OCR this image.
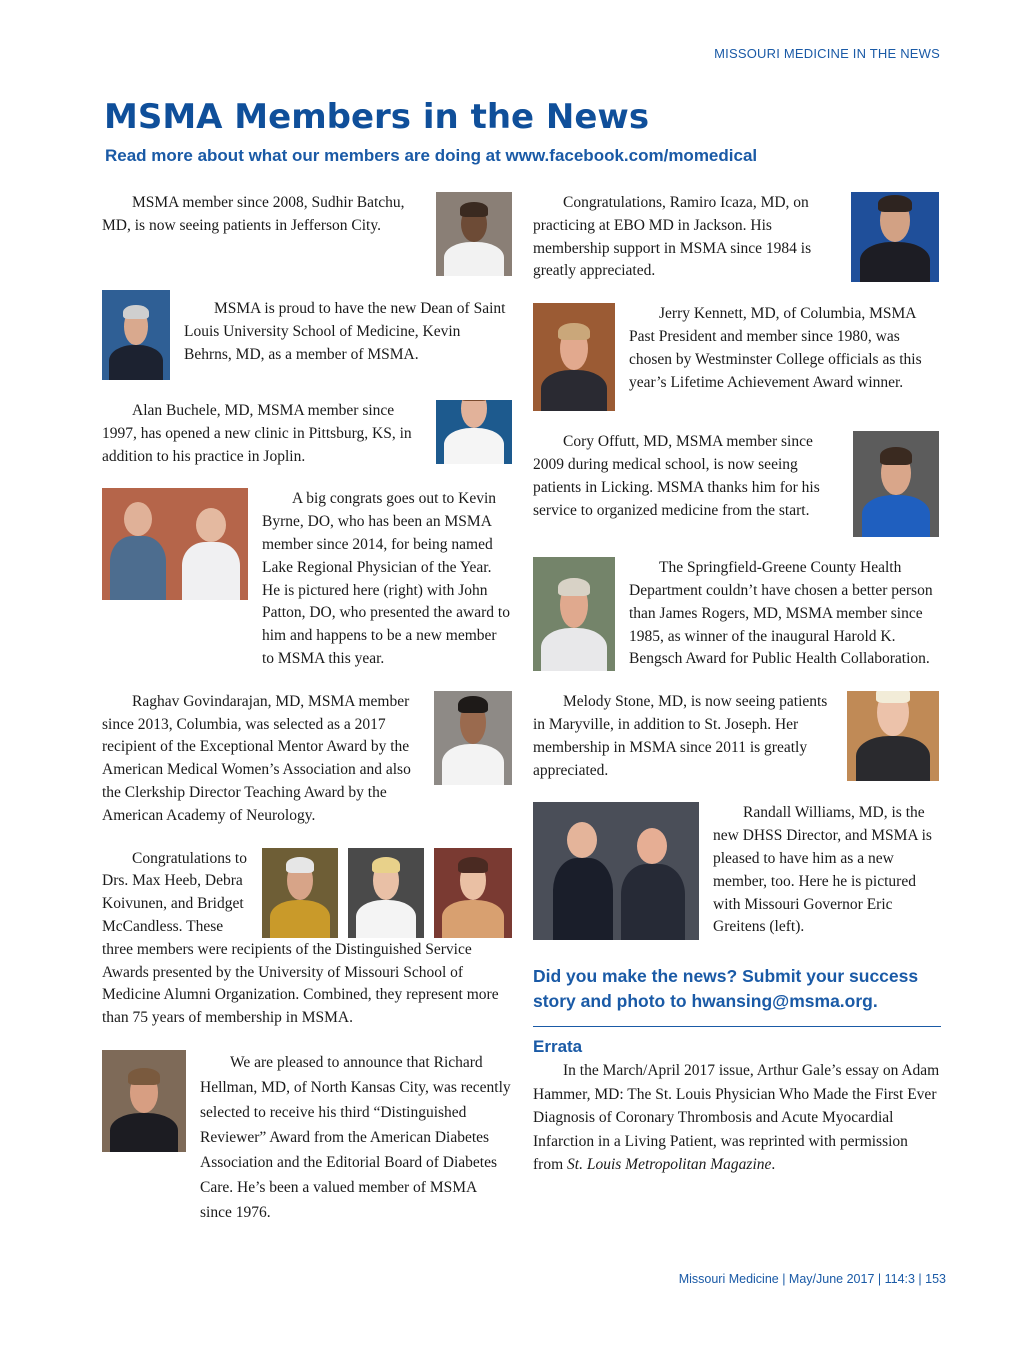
MISSOURI MEDICINE IN THE NEWS
MSMA Members in the News
Read more about what our members are doing at www.facebook.com/momedical

MSMA member since 2008, Sudhir Batchu, MD, is now seeing patients in Jefferson City.

MSMA is proud to have the new Dean of Saint Louis University School of Medicine, Kevin Behrns, MD, as a member of MSMA.

Alan Buchele, MD, MSMA member since 1997, has opened a new clinic in Pittsburg, KS, in addition to his practice in Joplin.

A big congrats goes out to Kevin Byrne, DO, who has been an MSMA member since 2014, for being named Lake Regional Physician of the Year. He is pictured here (right) with John Patton, DO, who presented the award to him and happens to be a new member to MSMA this year.

Raghav Govindarajan, MD, MSMA member since 2013, Columbia, was selected as a 2017 recipient of the Exceptional Mentor Award by the American Medical Women’s Association and also the Clerkship Director Teaching Award by the American Academy of Neurology.

Congratulations to Drs. Max Heeb, Debra Koivunen, and Bridget McCandless. These three members were recipients of the Distinguished Service Awards presented by the University of Missouri School of Medicine Alumni Organization. Combined, they represent more than 75 years of membership in MSMA.

We are pleased to announce that Richard Hellman, MD, of North Kansas City, was recently selected to receive his third “Distinguished Reviewer” Award from the American Diabetes Association and the Editorial Board of Diabetes Care. He’s been a valued member of MSMA since 1976.

Congratulations, Ramiro Icaza, MD, on practicing at EBO MD in Jackson. His membership support in MSMA since 1984 is greatly appreciated.

Jerry Kennett, MD, of Columbia, MSMA Past President and member since 1980, was chosen by Westminster College officials as this year’s Lifetime Achievement Award winner.

Cory Offutt, MD, MSMA member since 2009 during medical school, is now seeing patients in Licking. MSMA thanks him for his service to organized medicine from the start.

The Springfield-Greene County Health Department couldn’t have chosen a better person than James Rogers, MD, MSMA member since 1985, as winner of the inaugural Harold K. Bengsch Award for Public Health Collaboration.

Melody Stone, MD, is now seeing patients in Maryville, in addition to St. Joseph. Her membership in MSMA since 2011 is greatly appreciated.

Randall Williams, MD, is the new DHSS Director, and MSMA is pleased to have him as a new member, too. Here he is pictured with Missouri Governor Eric Greitens (left).

Did you make the news? Submit your success story and photo to hwansing@msma.org.

Errata

In the March/April 2017 issue, Arthur Gale’s essay on Adam Hammer, MD: The St. Louis Physician Who Made the First Ever Diagnosis of Coronary Thrombosis and Acute Myocardial Infarction in a Living Patient, was reprinted with permission from St. Louis Metropolitan Magazine.

Missouri Medicine | May/June 2017 | 114:3 | 153
